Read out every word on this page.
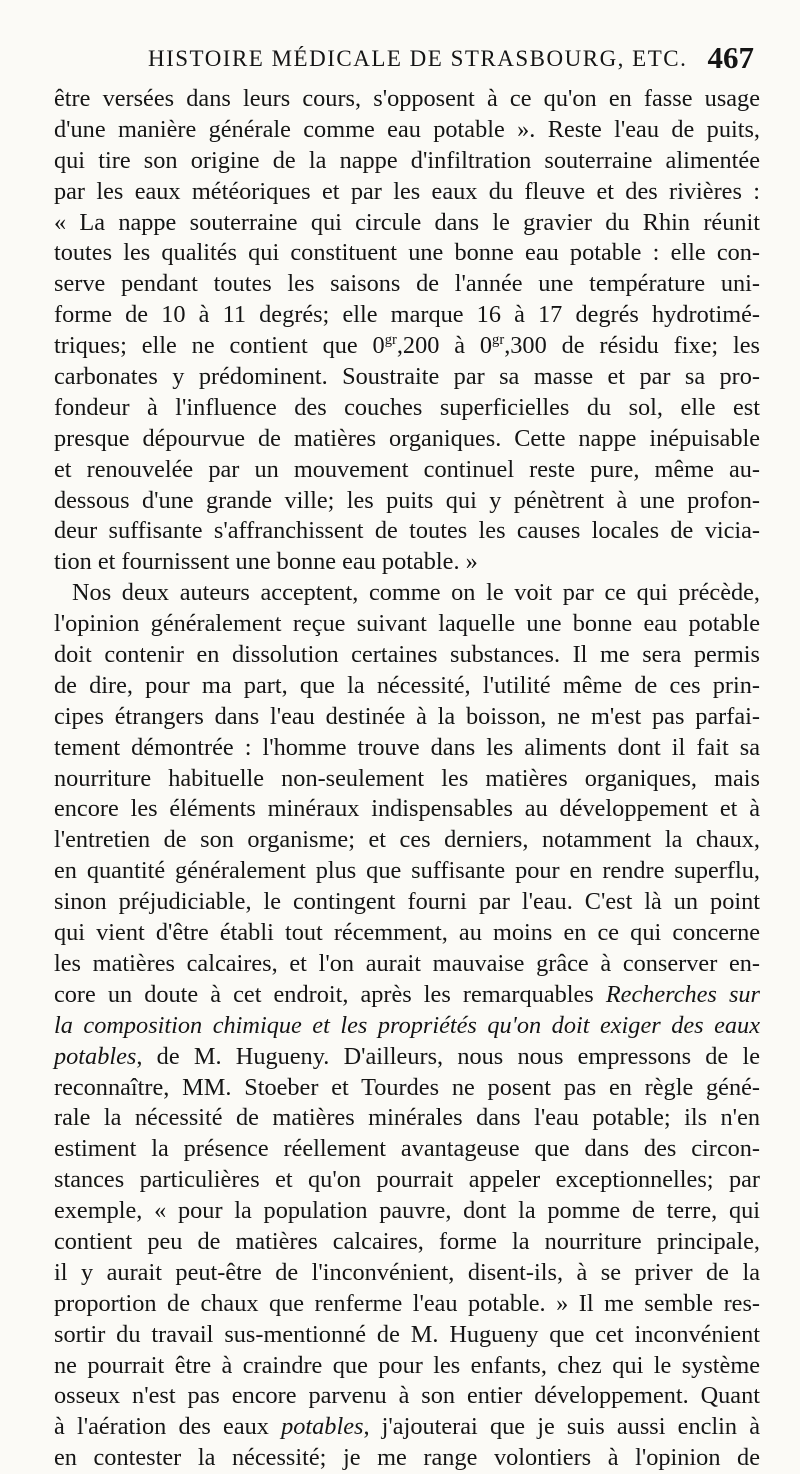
HISTOIRE MÉDICALE DE STRASBOURG, ETC. 467
être versées dans leurs cours, s'opposent à ce qu'on en fasse usage
d'une manière générale comme eau potable ». Reste l'eau de puits,
qui tire son origine de la nappe d'infiltration souterraine alimentée
par les eaux météoriques et par les eaux du fleuve et des rivières :
« La nappe souterraine qui circule dans le gravier du Rhin réunit
toutes les qualités qui constituent une bonne eau potable : elle con-
serve pendant toutes les saisons de l'année une température uni-
forme de 10 à 11 degrés; elle marque 16 à 17 degrés hydrotimé-
triques; elle ne contient que $0^{gr},200$ à $0^{gr},300$ de résidu fixe; les
carbonates y prédominent. Soustraite par sa masse et par sa pro-
fondeur à l'influence des couches superficielles du sol, elle est
presque dépourvue de matières organiques. Cette nappe inépuisable
et renouvelée par un mouvement continuel reste pure, même au-
dessous d'une grande ville; les puits qui y pénètrent à une profon-
deur suffisante s'affranchissent de toutes les causes locales de vicia-
tion et fournissent une bonne eau potable. »
Nos deux auteurs acceptent, comme on le voit par ce qui précède,
l'opinion généralement reçue suivant laquelle une bonne eau potable
doit contenir en dissolution certaines substances. Il me sera permis
de dire, pour ma part, que la nécessité, l'utilité même de ces prin-
cipes étrangers dans l'eau destinée à la boisson, ne m'est pas parfai-
tement démontrée : l'homme trouve dans les aliments dont il fait sa
nourriture habituelle non-seulement les matières organiques, mais
encore les éléments minéraux indispensables au développement et à
l'entretien de son organisme; et ces derniers, notamment la chaux,
en quantité généralement plus que suffisante pour en rendre superflu,
sinon préjudiciable, le contingent fourni par l'eau. C'est là un point
qui vient d'être établi tout récemment, au moins en ce qui concerne
les matières calcaires, et l'on aurait mauvaise grâce à conserver en-
core un doute à cet endroit, après les remarquables Recherches sur
la composition chimique et les propriétés qu'on doit exiger des eaux
potables, de M. Hugueny. D'ailleurs, nous nous empressons de le
reconnaître, MM. Stoeber et Tourdes ne posent pas en règle géné-
rale la nécessité de matières minérales dans l'eau potable; ils n'en
estiment la présence réellement avantageuse que dans des circon-
stances particulières et qu'on pourrait appeler exceptionnelles; par
exemple, « pour la population pauvre, dont la pomme de terre, qui
contient peu de matières calcaires, forme la nourriture principale,
il y aurait peut-être de l'inconvénient, disent-ils, à se priver de la
proportion de chaux que renferme l'eau potable. » Il me semble res-
sortir du travail sus-mentionné de M. Hugueny que cet inconvénient
ne pourrait être à craindre que pour les enfants, chez qui le système
osseux n'est pas encore parvenu à son entier développement. Quant
à l'aération des eaux potables, j'ajouterai que je suis aussi enclin à
en contester la nécessité; je me range volontiers à l'opinion de
